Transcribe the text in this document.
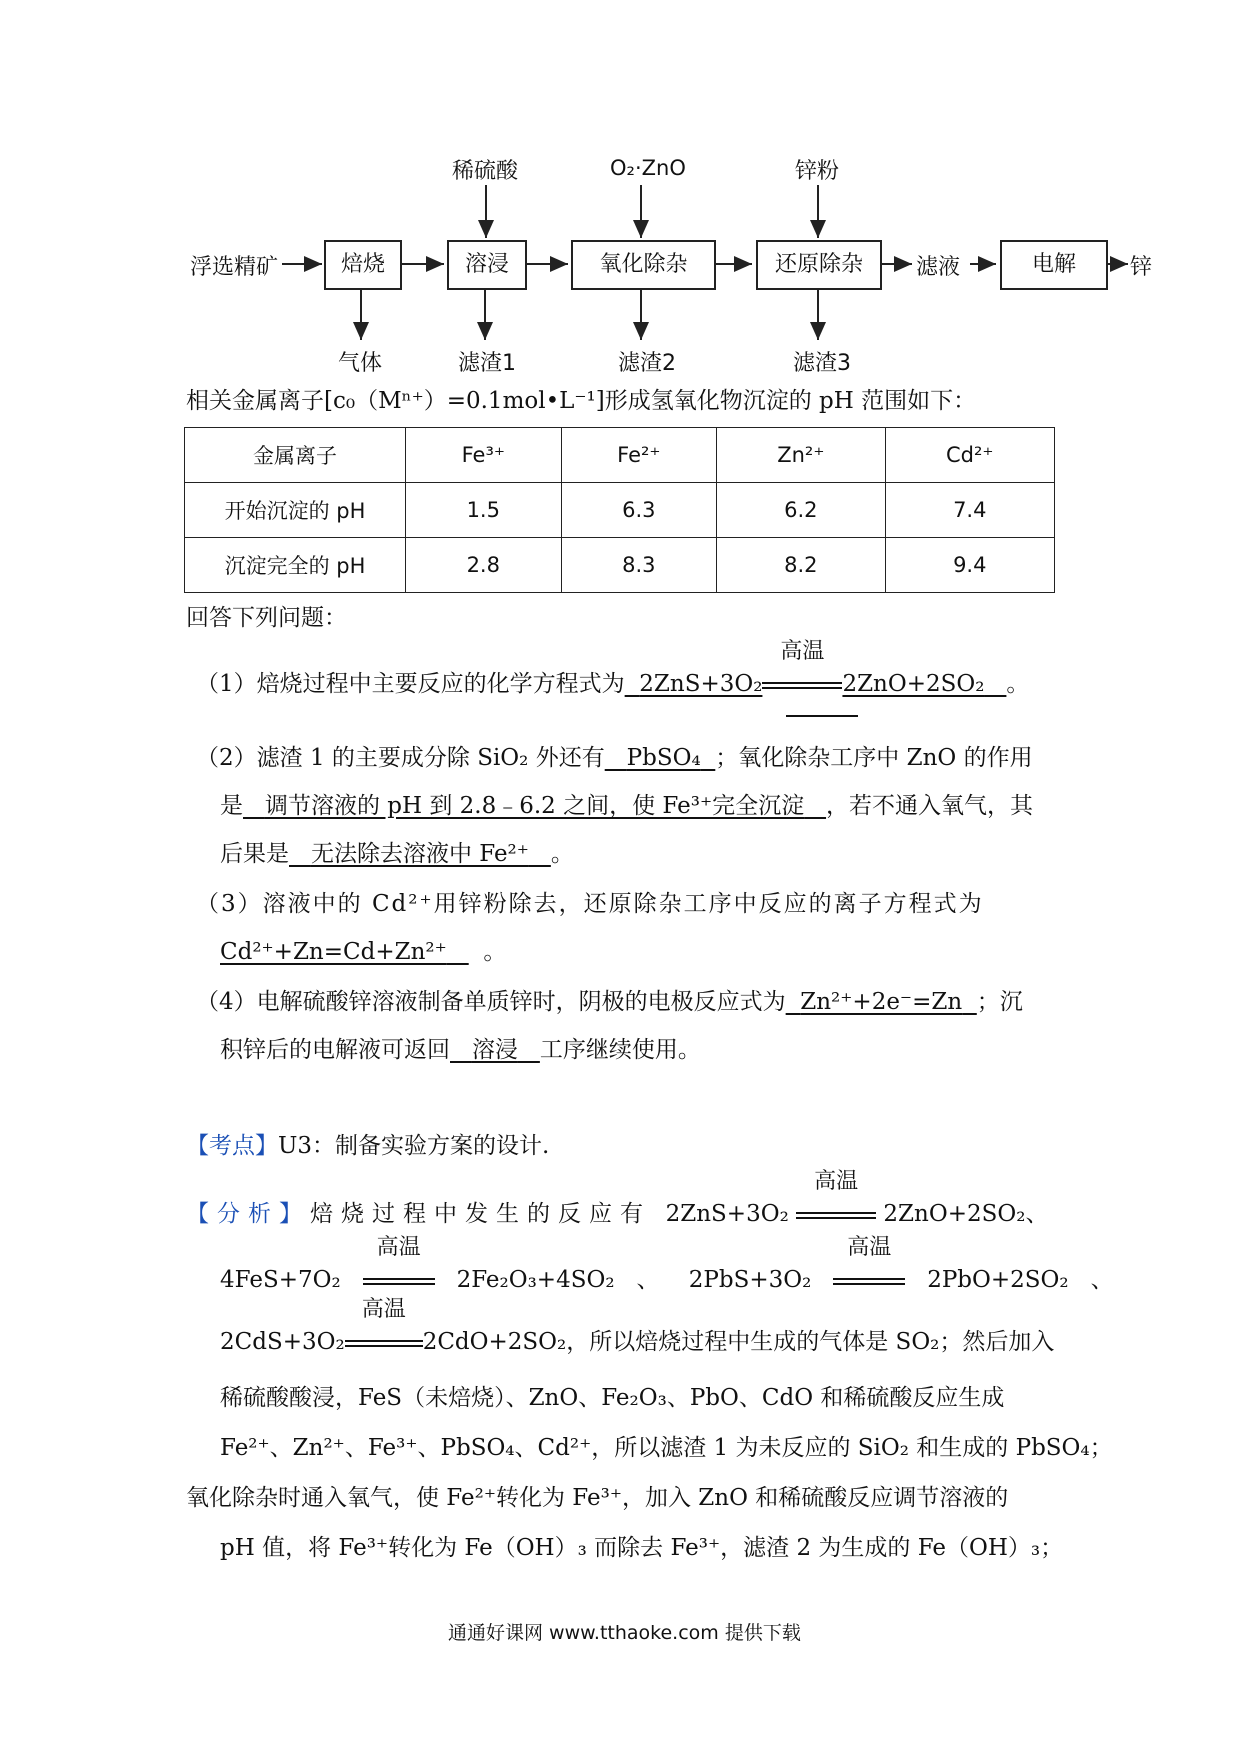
浮选精矿	焙烧	溶浸	氧化除杂	还原除杂	滤液	电解	锌
稀硫酸	O₂·ZnO	锌粉
气体	滤渣1	滤渣2	滤渣3
相关金属离子[c₀（Mⁿ⁺）=0.1mol•L⁻¹]形成氢氧化物沉淀的 pH 范围如下：
金属离子	Fe³⁺	Fe²⁺	Zn²⁺	Cd²⁺
开始沉淀的 pH	1.5	6.3	6.2	7.4
沉淀完全的 pH	2.8	8.3	8.2	9.4
回答下列问题：
（1）焙烧过程中主要反应的化学方程式为 2ZnS+3O₂
高温
2ZnO+2SO₂ 。
（2）滤渣 1 的主要成分除 SiO₂ 外还有 PbSO₄ ；氧化除杂工序中 ZnO 的作用
是 调节溶液的 pH 到 2.8﹣6.2 之间，使 Fe³⁺完全沉淀 ，若不通入氧气，其
后果是 无法除去溶液中 Fe²⁺ 。
（3）溶液中的 Cd²⁺用锌粉除去，还原除杂工序中反应的离子方程式为
Cd²⁺+Zn=Cd+Zn²⁺ 。
（4）电解硫酸锌溶液制备单质锌时，阴极的电极反应式为 Zn²⁺+2e⁻=Zn ；沉
积锌后的电解液可返回 溶浸 工序继续使用。
【考点】U3：制备实验方案的设计.
【分析】焙烧过程中发生的反应有 2ZnS+3O₂
高温
2ZnO+2SO₂、
4FeS+7O₂
高温
2Fe₂O₃+4SO₂ 、 2PbS+3O₂
高温
2PbO+2SO₂ 、
2CdS+3O₂
高温
2CdO+2SO₂，所以焙烧过程中生成的气体是 SO₂；然后加入
稀硫酸酸浸，FeS（未焙烧）、ZnO、Fe₂O₃、PbO、CdO 和稀硫酸反应生成
Fe²⁺、Zn²⁺、Fe³⁺、PbSO₄、Cd²⁺，所以滤渣 1 为未反应的 SiO₂ 和生成的 PbSO₄；
氧化除杂时通入氧气，使 Fe²⁺转化为 Fe³⁺，加入 ZnO 和稀硫酸反应调节溶液的
pH 值，将 Fe³⁺转化为 Fe（OH）₃ 而除去 Fe³⁺，滤渣 2 为生成的 Fe（OH）₃；
通通好课网 www.tthaoke.com 提供下载
